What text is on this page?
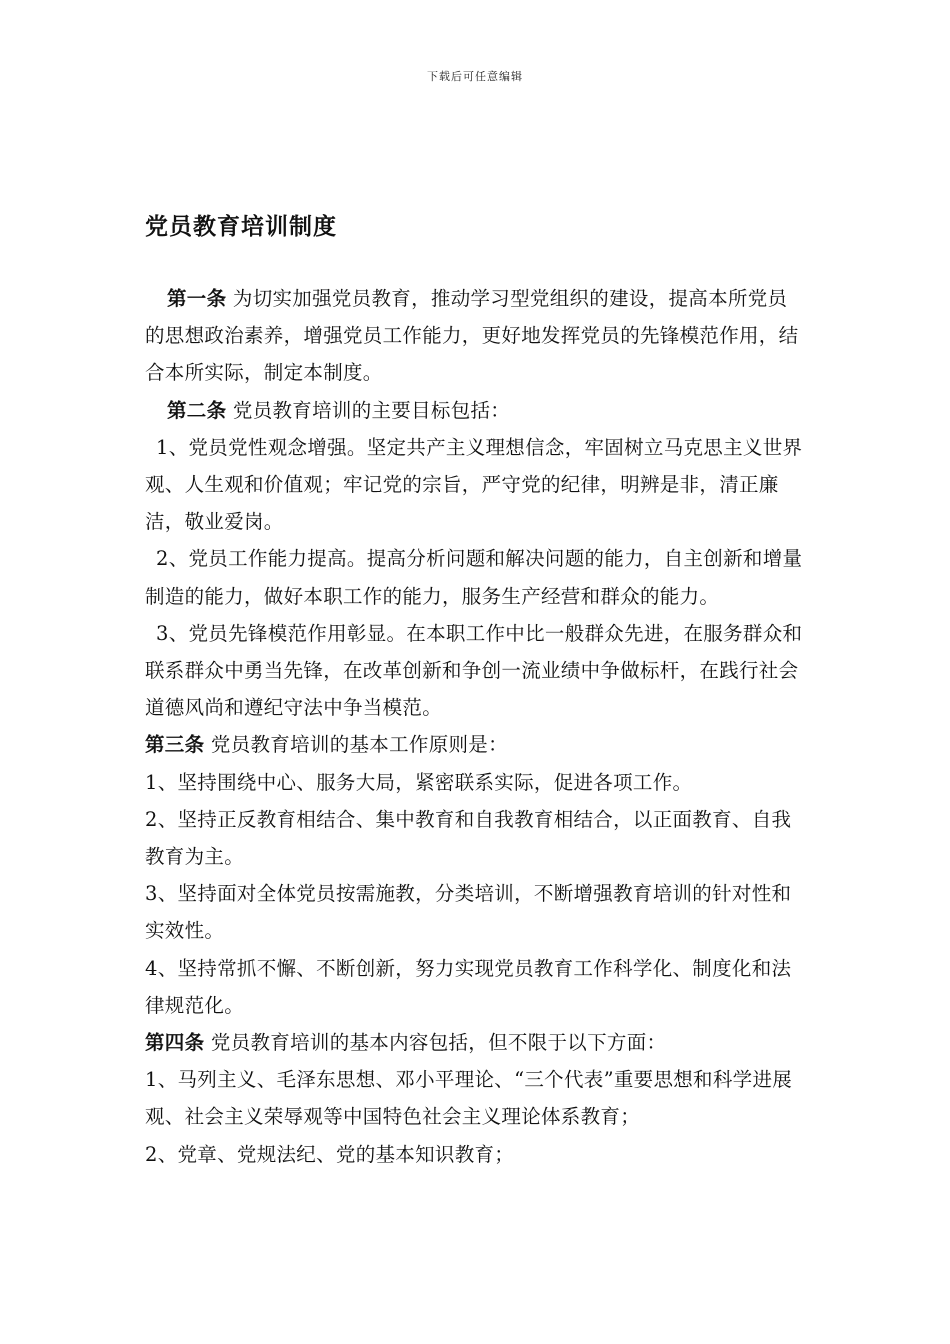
下载后可任意编辑
党员教育培训制度

第一条 为切实加强党员教育，推动学习型党组织的建设，提高本所党员的思想政治素养，增强党员工作能力，更好地发挥党员的先锋模范作用，结合本所实际，制定本制度。

第二条 党员教育培训的主要目标包括：

1、党员党性观念增强。坚定共产主义理想信念，牢固树立马克思主义世界观、人生观和价值观；牢记党的宗旨，严守党的纪律，明辨是非，清正廉洁，敬业爱岗。

2、党员工作能力提高。提高分析问题和解决问题的能力，自主创新和增量制造的能力，做好本职工作的能力，服务生产经营和群众的能力。

3、党员先锋模范作用彰显。在本职工作中比一般群众先进，在服务群众和联系群众中勇当先锋，在改革创新和争创一流业绩中争做标杆，在践行社会道德风尚和遵纪守法中争当模范。

第三条 党员教育培训的基本工作原则是：

1、坚持围绕中心、服务大局，紧密联系实际，促进各项工作。

2、坚持正反教育相结合、集中教育和自我教育相结合，以正面教育、自我教育为主。

3、坚持面对全体党员按需施教，分类培训，不断增强教育培训的针对性和实效性。

4、坚持常抓不懈、不断创新，努力实现党员教育工作科学化、制度化和法律规范化。

第四条 党员教育培训的基本内容包括，但不限于以下方面：

1、马列主义、毛泽东思想、邓小平理论、“三个代表”重要思想和科学进展观、社会主义荣辱观等中国特色社会主义理论体系教育；

2、党章、党规法纪、党的基本知识教育；
